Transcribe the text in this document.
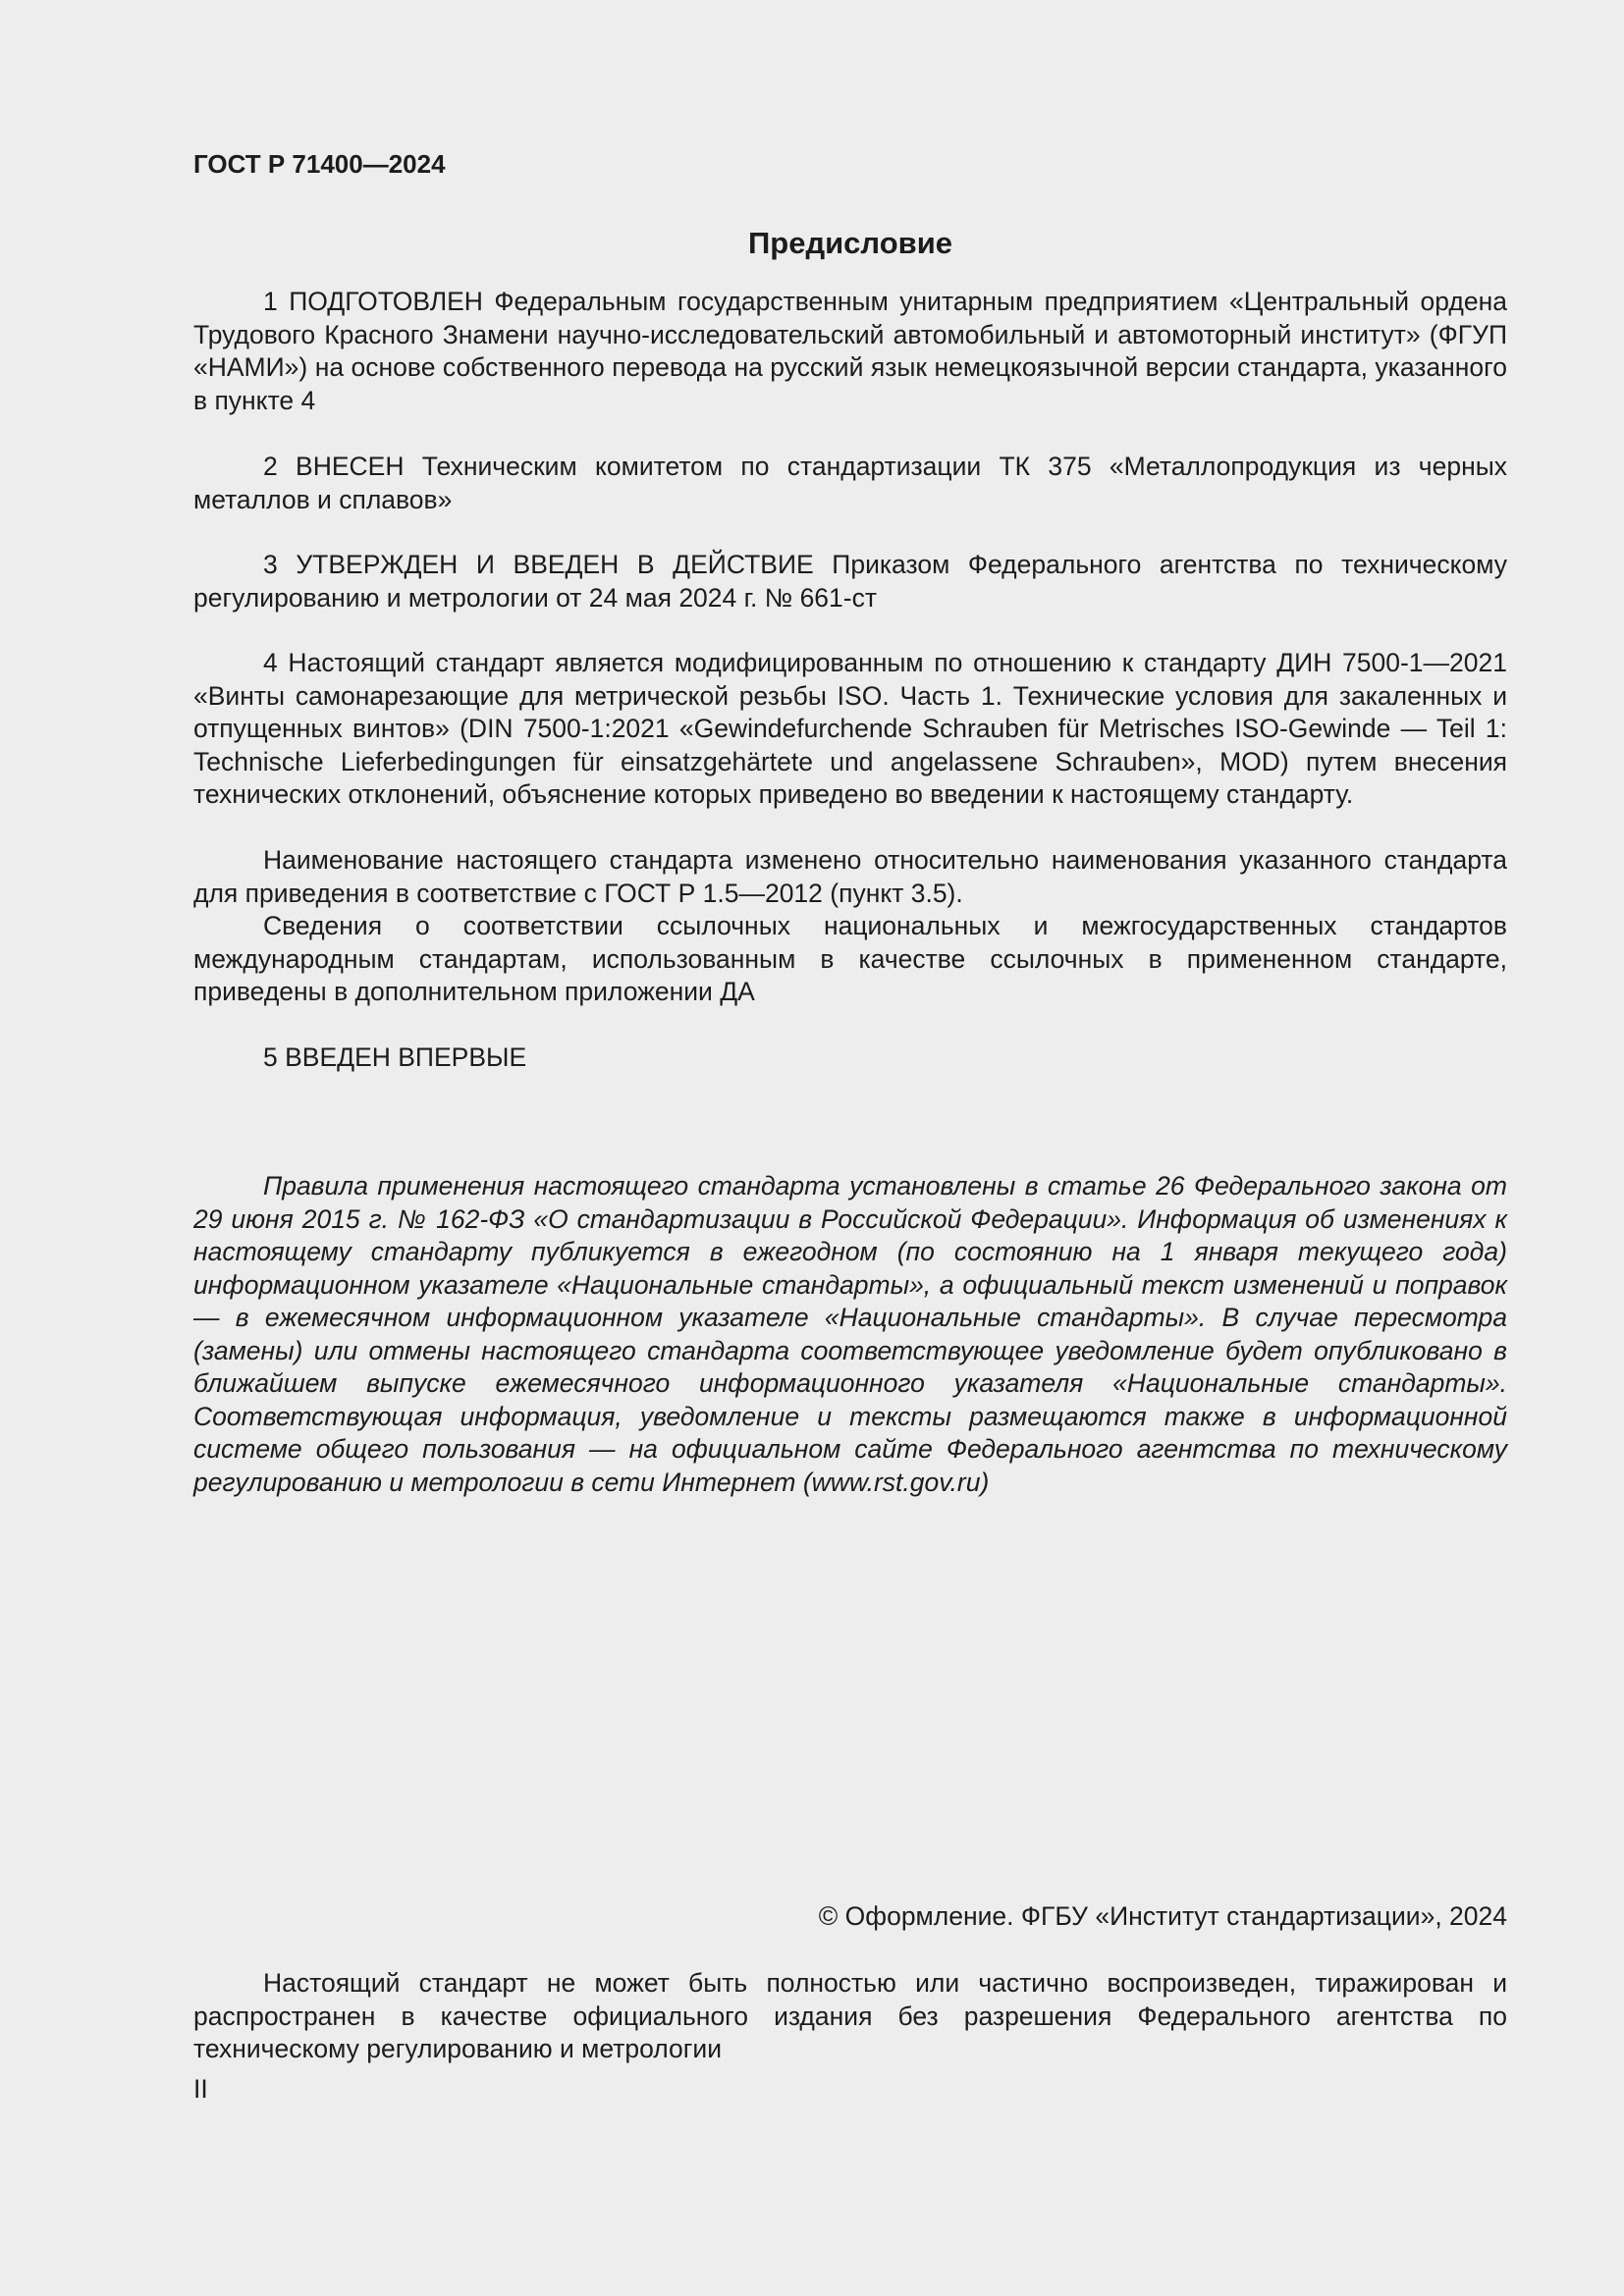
ГОСТ Р 71400—2024
Предисловие

1 ПОДГОТОВЛЕН Федеральным государственным унитарным предприятием «Центральный ордена Трудового Красного Знамени научно-исследовательский автомобильный и автомоторный институт» (ФГУП «НАМИ») на основе собственного перевода на русский язык немецкоязычной версии стандарта, указанного в пункте 4

2 ВНЕСЕН Техническим комитетом по стандартизации ТК 375 «Металлопродукция из черных металлов и сплавов»

3 УТВЕРЖДЕН И ВВЕДЕН В ДЕЙСТВИЕ Приказом Федерального агентства по техническому регулированию и метрологии от 24 мая 2024 г. № 661-ст

4 Настоящий стандарт является модифицированным по отношению к стандарту ДИН 7500-1—2021 «Винты самонарезающие для метрической резьбы ISO. Часть 1. Технические условия для закаленных и отпущенных винтов» (DIN 7500-1:2021 «Gewindefurchende Schrauben für Metrisches ISO-Gewinde — Teil 1: Technische Lieferbedingungen für einsatzgehärtete und angelassene Schrauben», MOD) путем внесения технических отклонений, объяснение которых приведено во введении к настоящему стандарту.

Наименование настоящего стандарта изменено относительно наименования указанного стандарта для приведения в соответствие с ГОСТ Р 1.5—2012 (пункт 3.5).

Сведения о соответствии ссылочных национальных и межгосударственных стандартов международным стандартам, использованным в качестве ссылочных в примененном стандарте, приведены в дополнительном приложении ДА

5 ВВЕДЕН ВПЕРВЫЕ

Правила применения настоящего стандарта установлены в статье 26 Федерального закона от 29 июня 2015 г. № 162-ФЗ «О стандартизации в Российской Федерации». Информация об изменениях к настоящему стандарту публикуется в ежегодном (по состоянию на 1 января текущего года) информационном указателе «Национальные стандарты», а официальный текст изменений и поправок — в ежемесячном информационном указателе «Национальные стандарты». В случае пересмотра (замены) или отмены настоящего стандарта соответствующее уведомление будет опубликовано в ближайшем выпуске ежемесячного информационного указателя «Национальные стандарты». Соответствующая информация, уведомление и тексты размещаются также в информационной системе общего пользования — на официальном сайте Федерального агентства по техническому регулированию и метрологии в сети Интернет (www.rst.gov.ru)

© Оформление. ФГБУ «Институт стандартизации», 2024

Настоящий стандарт не может быть полностью или частично воспроизведен, тиражирован и распространен в качестве официального издания без разрешения Федерального агентства по техническому регулированию и метрологии

II
